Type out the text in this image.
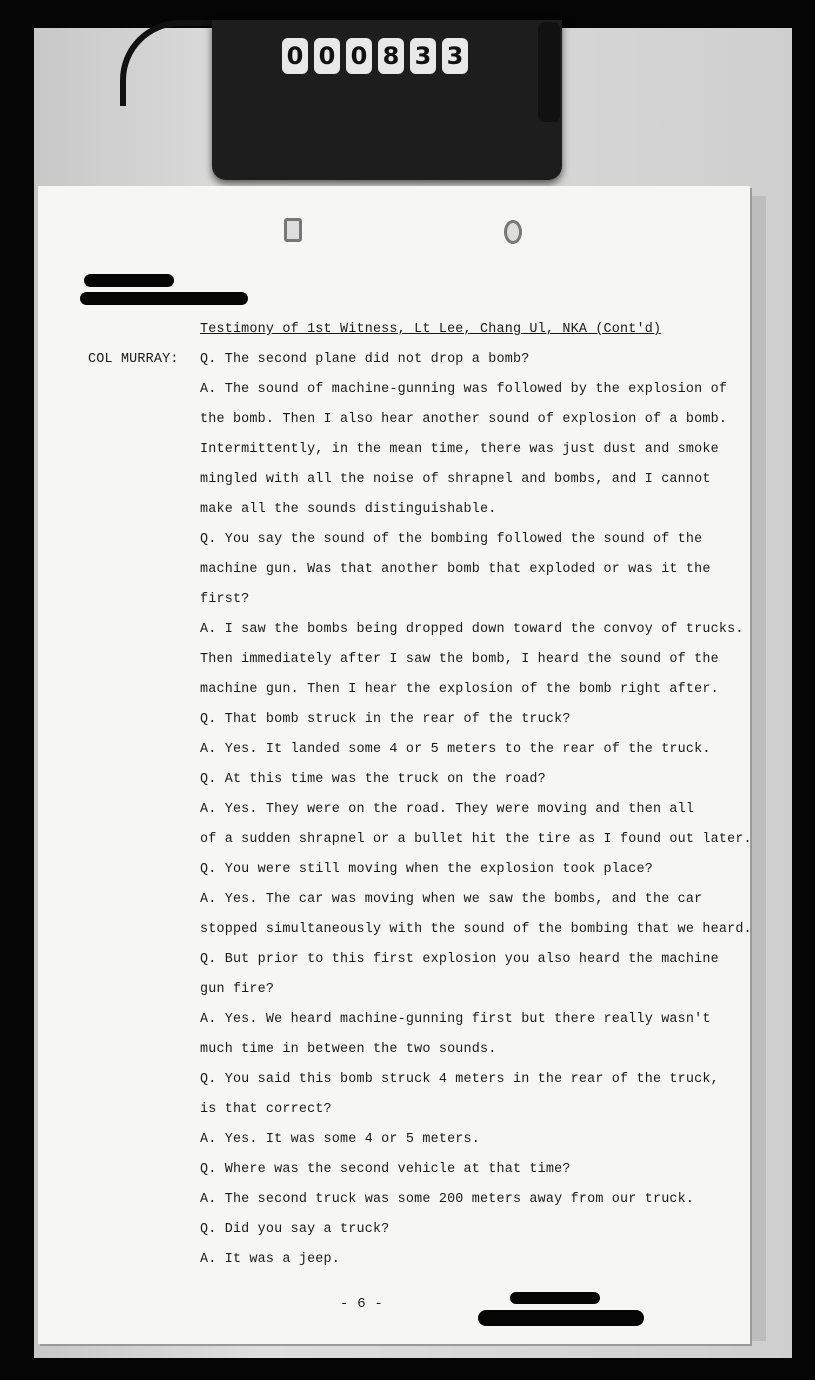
0 0 0 8 3 3
Testimony of 1st Witness, Lt Lee, Chang Ul, NKA (Cont'd)
COL MURRAY: Q. The second plane did not drop a bomb?
A. The sound of machine-gunning was followed by the explosion of
the bomb. Then I also hear another sound of explosion of a bomb.
Intermittently, in the mean time, there was just dust and smoke
mingled with all the noise of shrapnel and bombs, and I cannot
make all the sounds distinguishable.
Q. You say the sound of the bombing followed the sound of the
machine gun. Was that another bomb that exploded or was it the
first?
A. I saw the bombs being dropped down toward the convoy of trucks.
Then immediately after I saw the bomb, I heard the sound of the
machine gun. Then I hear the explosion of the bomb right after.
Q. That bomb struck in the rear of the truck?
A. Yes. It landed some 4 or 5 meters to the rear of the truck.
Q. At this time was the truck on the road?
A. Yes. They were on the road. They were moving and then all
of a sudden shrapnel or a bullet hit the tire as I found out later.
Q. You were still moving when the explosion took place?
A. Yes. The car was moving when we saw the bombs, and the car
stopped simultaneously with the sound of the bombing that we heard.
Q. But prior to this first explosion you also heard the machine
gun fire?
A. Yes. We heard machine-gunning first but there really wasn't
much time in between the two sounds.
Q. You said this bomb struck 4 meters in the rear of the truck,
is that correct?
A. Yes. It was some 4 or 5 meters.
Q. Where was the second vehicle at that time?
A. The second truck was some 200 meters away from our truck.
Q. Did you say a truck?
A. It was a jeep.
- 6 -
